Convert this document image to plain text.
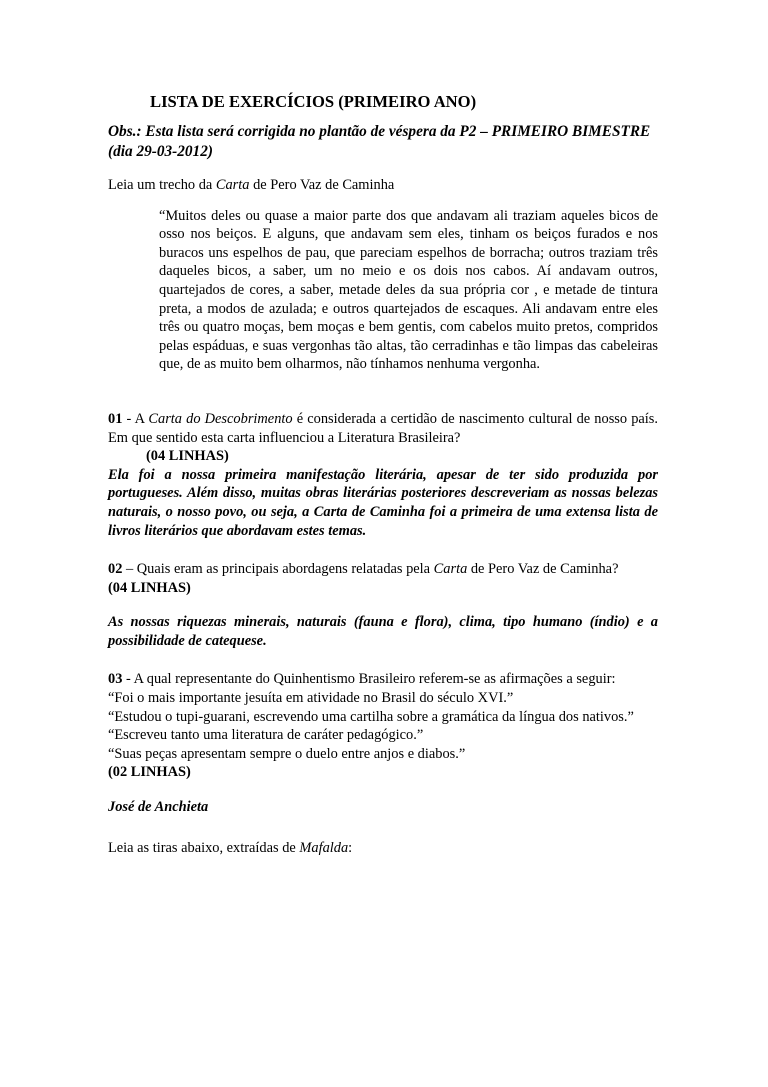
LISTA DE EXERCÍCIOS (PRIMEIRO ANO)
Obs.: Esta lista será corrigida no plantão de véspera da P2 – PRIMEIRO BIMESTRE (dia 29-03-2012)

Leia um trecho da Carta de Pero Vaz de Caminha

“Muitos deles ou quase a maior parte dos que andavam ali traziam aqueles bicos de osso nos beiços. E alguns, que andavam sem eles, tinham os beiços furados e nos buracos uns espelhos de pau, que pareciam espelhos de borracha; outros traziam três daqueles bicos, a saber, um no meio e os dois nos cabos. Aí andavam outros, quartejados de cores, a saber, metade deles da sua própria cor , e metade de tintura preta, a modos de azulada; e outros quartejados de escaques. Ali andavam entre eles três ou quatro moças, bem moças e bem gentis, com cabelos muito pretos, compridos pelas espáduas, e suas vergonhas tão altas, tão cerradinhas e tão limpas das cabeleiras que, de as muito bem olharmos, não tínhamos nenhuma vergonha.

01 - A Carta do Descobrimento é considerada a certidão de nascimento cultural de nosso país. Em que sentido esta carta influenciou a Literatura Brasileira?

(04 LINHAS)

Ela foi a nossa primeira manifestação literária, apesar de ter sido produzida por portugueses. Além disso, muitas obras literárias posteriores descreveriam as nossas belezas naturais, o nosso povo, ou seja, a Carta de Caminha foi a primeira de uma extensa lista de livros literários que abordavam estes temas.

02 – Quais eram as principais abordagens relatadas pela Carta de Pero Vaz de Caminha?

(04 LINHAS)

As nossas riquezas minerais, naturais (fauna e flora), clima, tipo humano (índio) e a possibilidade de catequese.

03 - A qual representante do Quinhentismo Brasileiro referem-se as afirmações a seguir:

“Foi o mais importante jesuíta em atividade no Brasil do século XVI.”

“Estudou o tupi-guarani, escrevendo uma cartilha sobre a gramática da língua dos nativos.”

“Escreveu tanto uma literatura de caráter pedagógico.”

“Suas peças apresentam sempre o duelo entre anjos e diabos.”

(02 LINHAS)

José de Anchieta

Leia as tiras abaixo, extraídas de Mafalda:
